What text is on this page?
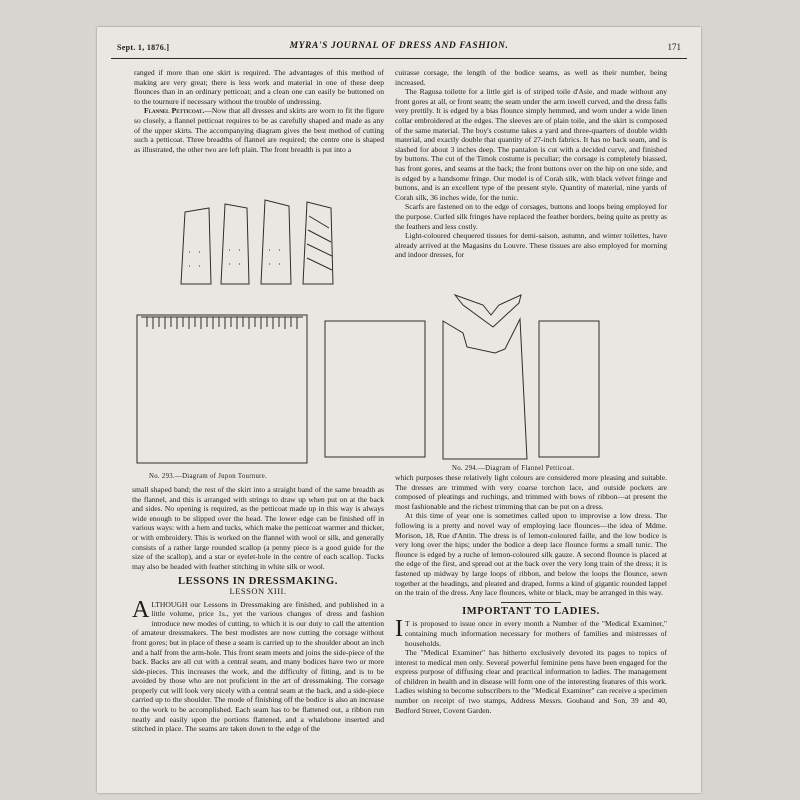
Sept. 1, 1876.]	MYRA'S JOURNAL OF DRESS AND FASHION.	171

ranged if more than one skirt is required. The advantages of this method of making are very great; there is less work and material in one of these deep flounces than in an ordinary petticoat; and a clean one can easily be buttoned on to the tournure if necessary without the trouble of undressing.

Flannel Petticoat.—Now that all dresses and skirts are worn to fit the figure so closely, a flannel petticoat requires to be as carefully shaped and made as any of the upper skirts. The accompanying diagram gives the best method of cutting such a petticoat. Three breadths of flannel are required; the centre one is shaped as illustrated, the other two are left plain. The front breadth is put into a

cuirasse corsage, the length of the bodice seams, as well as their number, being increased.

The Ragusa toilette for a little girl is of striped toile d'Asie, and made without any front gores at all, or front seam; the seam under the arm iswell curved, and the dress falls very prettily. It is edged by a bias flounce simply hemmed, and worn under a wide linen collar embroidered at the edges. The sleeves are of plain toile, and the skirt is composed of the same material. The boy's costume takes a yard and three-quarters of double width material, and exactly double that quantity of 27-inch fabrics. It has no back seam, and is slashed for about 3 inches deep. The pantalon is cut with a decided curve, and finished by buttons. The cut of the Timok costume is peculiar; the corsage is completely biassed, has front gores, and seams at the back; the front buttons over on the hip on one side, and is edged by a handsome fringe. Our model is of Corah silk, with black velvet fringe and buttons, and is an excellent type of the present style. Quantity of material, nine yards of Corah silk, 36 inches wide, for the tunic.

Scarfs are fastened on to the edge of corsages, buttons and loops being employed for the purpose. Curled silk fringes have replaced the feather borders, being quite as pretty as the feathers and less costly.

Light-coloured chequered tissues for demi-saison, autumn, and winter toilettes, have already arrived at the Magasins du Louvre. These tissues are also employed for morning and indoor dresses, for

No. 293.—Diagram of Jupon Tournure.
No. 294.—Diagram of Flannel Petticoat.

small shaped band; the rest of the skirt into a straight band of the same breadth as the flannel, and this is arranged with strings to draw up when put on at the back and sides. No opening is required, as the petticoat made up in this way is always wide enough to be slipped over the head. The lower edge can be finished off in various ways: with a hem and tucks, which make the petticoat warmer and thicker, or with embroidery. This is worked on the flannel with wool or silk, and generally consists of a rather large rounded scallop (a penny piece is a good guide for the size of the scallop), and a star or eyelet-hole in the centre of each scallop. Tucks may also be headed with feather stitching in white silk or wool.

LESSONS IN DRESSMAKING.
LESSON XIII.

ALTHOUGH our Lessons in Dressmaking are finished, and published in a little volume, price 1s., yet the various changes of dress and fashion introduce new modes of cutting, to which it is our duty to call the attention of amateur dressmakers. The best modistes are now cutting the corsage without front gores; but in place of these a seam is carried up to the shoulder about an inch and a half from the arm-hole. This front seam meets and joins the side-piece of the back. Backs are all cut with a central seam, and many bodices have two or more side-pieces. This increases the work, and the difficulty of fitting, and is to be avoided by those who are not proficient in the art of dressmaking. The corsage properly cut will look very nicely with a central seam at the back, and a side-piece carried up to the shoulder. The mode of finishing off the bodice is also an increase to the work to be accomplished. Each seam has to be flattened out, a ribbon run neatly and easily upon the portions flattened, and a whalebone inserted and stitched in place. The seams are taken down to the edge of the

which purposes these relatively light colours are considered more pleasing and suitable. The dresses are trimmed with very coarse torchon lace, and outside pockets are composed of pleatings and ruchings, and trimmed with bows of ribbon—at present the most fashionable and the richest trimming that can be put on a dress.

At this time of year one is sometimes called upon to improvise a low dress. The following is a pretty and novel way of employing lace flounces—the idea of Mdme. Morison, 18, Rue d'Antin. The dress is of lemon-coloured faille, and the low bodice is very long over the hips; under the bodice a deep lace flounce forms a small tunic. The flounce is edged by a ruche of lemon-coloured silk gauze. A second flounce is placed at the edge of the first, and spread out at the back over the very long train of the dress; it is fastened up midway by large loops of ribbon, and below the loops the flounce, sewn together at the headings, and pleated and draped, forms a kind of gigantic rounded lappel on the train of the dress. Any lace flounces, white or black, may be arranged in this way.

IMPORTANT TO LADIES.

I T is proposed to issue once in every month a Number of the "Medical Examiner," containing much information necessary for mothers of families and mistresses of households.

The "Medical Examiner" has hitherto exclusively devoted its pages to topics of interest to medical men only. Several powerful feminine pens have been engaged for the express purpose of diffusing clear and practical information to ladies. The management of children in health and in disease will form one of the interesting features of this work. Ladies wishing to become subscribers to the "Medical Examiner" can receive a specimen number on receipt of two stamps, Address Messrs. Goubaud and Son, 39 and 40, Bedford Street, Covent Garden.
